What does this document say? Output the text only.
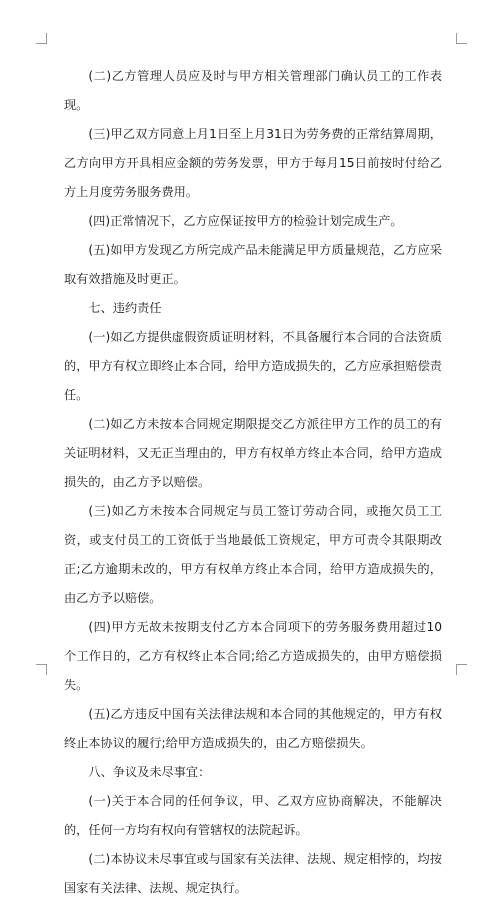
(二)乙方管理人员应及时与甲方相关管理部门确认员工的工作表现。

(三)甲乙双方同意上月1日至上月31日为劳务费的正常结算周期，乙方向甲方开具相应金额的劳务发票，甲方于每月15日前按时付给乙方上月度劳务服务费用。

(四)正常情况下，乙方应保证按甲方的检验计划完成生产。

(五)如甲方发现乙方所完成产品未能满足甲方质量规范，乙方应采取有效措施及时更正。

七、违约责任

(一)如乙方提供虚假资质证明材料，不具备履行本合同的合法资质的，甲方有权立即终止本合同，给甲方造成损失的，乙方应承担赔偿责任。

(二)如乙方未按本合同规定期限提交乙方派往甲方工作的员工的有关证明材料，又无正当理由的，甲方有权单方终止本合同，给甲方造成损失的，由乙方予以赔偿。

(三)如乙方未按本合同规定与员工签订劳动合同，或拖欠员工工资，或支付员工的工资低于当地最低工资规定，甲方可责令其限期改正;乙方逾期未改的，甲方有权单方终止本合同，给甲方造成损失的，由乙方予以赔偿。

(四)甲方无故未按期支付乙方本合同项下的劳务服务费用超过10个工作日的，乙方有权终止本合同;给乙方造成损失的，由甲方赔偿损失。

(五)乙方违反中国有关法律法规和本合同的其他规定的，甲方有权终止本协议的履行;给甲方造成损失的，由乙方赔偿损失。

八、争议及未尽事宜：

(一)关于本合同的任何争议，甲、乙双方应协商解决，不能解决的，任何一方均有权向有管辖权的法院起诉。

(二)本协议未尽事宜或与国家有关法律、法规、规定相悖的，均按国家有关法律、法规、规定执行。
